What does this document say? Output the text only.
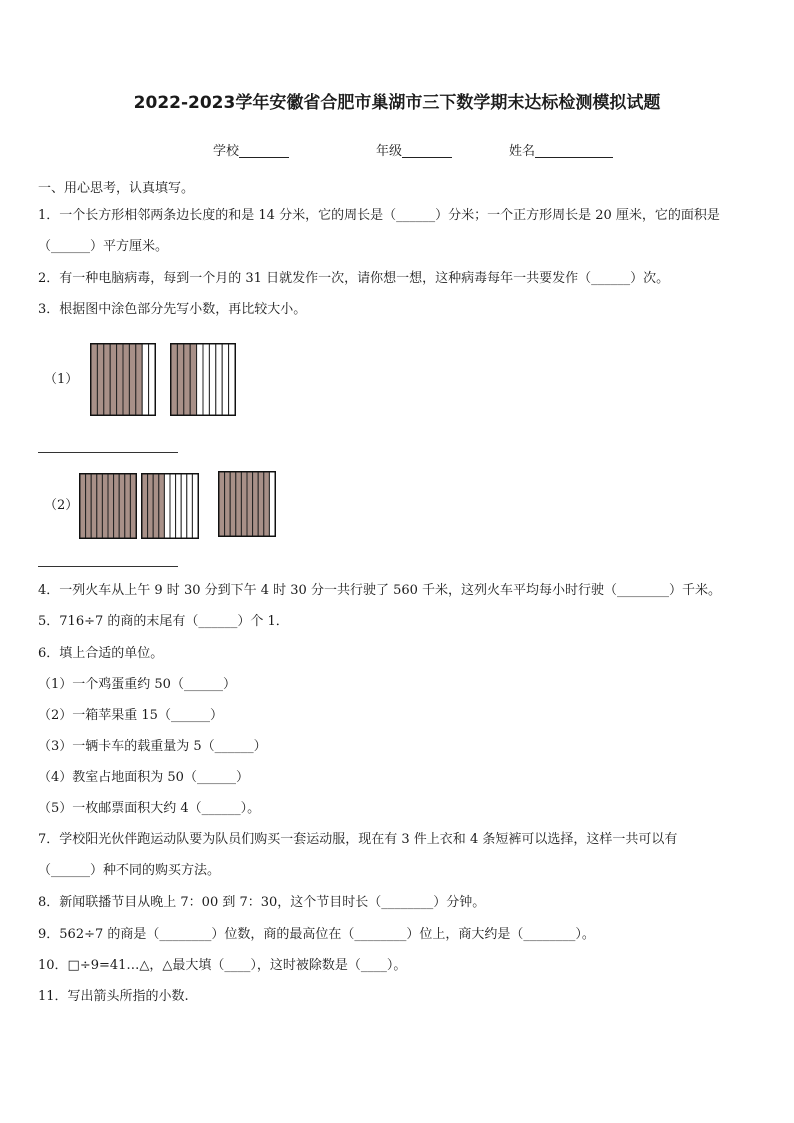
2022-2023学年安徽省合肥市巢湖市三下数学期末达标检测模拟试题
学校	年级	姓名
一、用心思考，认真填写。
1．一个长方形相邻两条边长度的和是 14 分米，它的周长是（______）分米；一个正方形周长是 20 厘米，它的面积是
（______）平方厘米。
2．有一种电脑病毒，每到一个月的 31 日就发作一次，请你想一想，这种病毒每年一共要发作（______）次。
3．根据图中涂色部分先写小数，再比较大小。
（1）
（2）
4．一列火车从上午 9 时 30 分到下午 4 时 30 分一共行驶了 560 千米，这列火车平均每小时行驶（________）千米。
5．716÷7 的商的末尾有（______）个 1．
6．填上合适的单位。
（1）一个鸡蛋重约 50（______）
（2）一箱苹果重 15（______）
（3）一辆卡车的载重量为 5（______）
（4）教室占地面积为 50（______）
（5）一枚邮票面积大约 4（______）。
7．学校阳光伙伴跑运动队要为队员们购买一套运动服，现在有 3 件上衣和 4 条短裤可以选择，这样一共可以有
（______）种不同的购买方法。
8．新闻联播节目从晚上 7：00 到 7：30，这个节目时长（________）分钟。
9．562÷7 的商是（________）位数，商的最高位在（________）位上，商大约是（________）。
10．□÷9=41…△，△最大填（____），这时被除数是（____）。
11．写出箭头所指的小数.
